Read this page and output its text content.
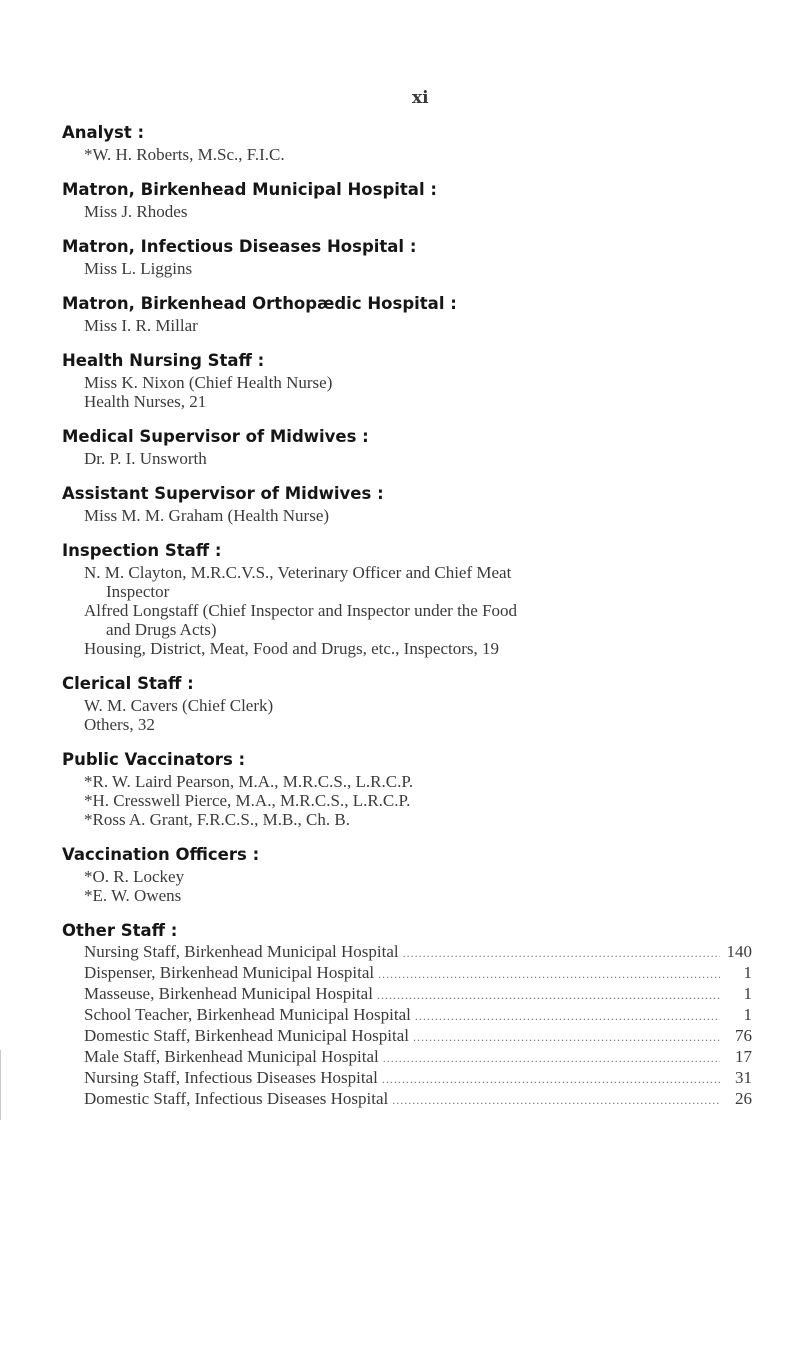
xi
Analyst :
*W. H. Roberts, M.Sc., F.I.C.
Matron, Birkenhead Municipal Hospital :
Miss J. Rhodes
Matron, Infectious Diseases Hospital :
Miss L. Liggins
Matron, Birkenhead Orthopædic Hospital :
Miss I. R. Millar
Health Nursing Staff :
Miss K. Nixon (Chief Health Nurse)
Health Nurses, 21
Medical Supervisor of Midwives :
Dr. P. I. Unsworth
Assistant Supervisor of Midwives :
Miss M. M. Graham (Health Nurse)
Inspection Staff :
N. M. Clayton, M.R.C.V.S., Veterinary Officer and Chief Meat
Inspector
Alfred Longstaff (Chief Inspector and Inspector under the Food
and Drugs Acts)
Housing, District, Meat, Food and Drugs, etc., Inspectors, 19
Clerical Staff :
W. M. Cavers (Chief Clerk)
Others, 32
Public Vaccinators :
*R. W. Laird Pearson, M.A., M.R.C.S., L.R.C.P.
*H. Cresswell Pierce, M.A., M.R.C.S., L.R.C.P.
*Ross A. Grant, F.R.C.S., M.B., Ch. B.
Vaccination Officers :
*O. R. Lockey
*E. W. Owens
Other Staff :
Nursing Staff, Birkenhead Municipal Hospital .....	140
Dispenser, Birkenhead Municipal Hospital .....	1
Masseuse, Birkenhead Municipal Hospital .....	1
School Teacher, Birkenhead Municipal Hospital .....	1
Domestic Staff, Birkenhead Municipal Hospital .....	76
Male Staff, Birkenhead Municipal Hospital .....	17
Nursing Staff, Infectious Diseases Hospital .....	31
Domestic Staff, Infectious Diseases Hospital .....	26
